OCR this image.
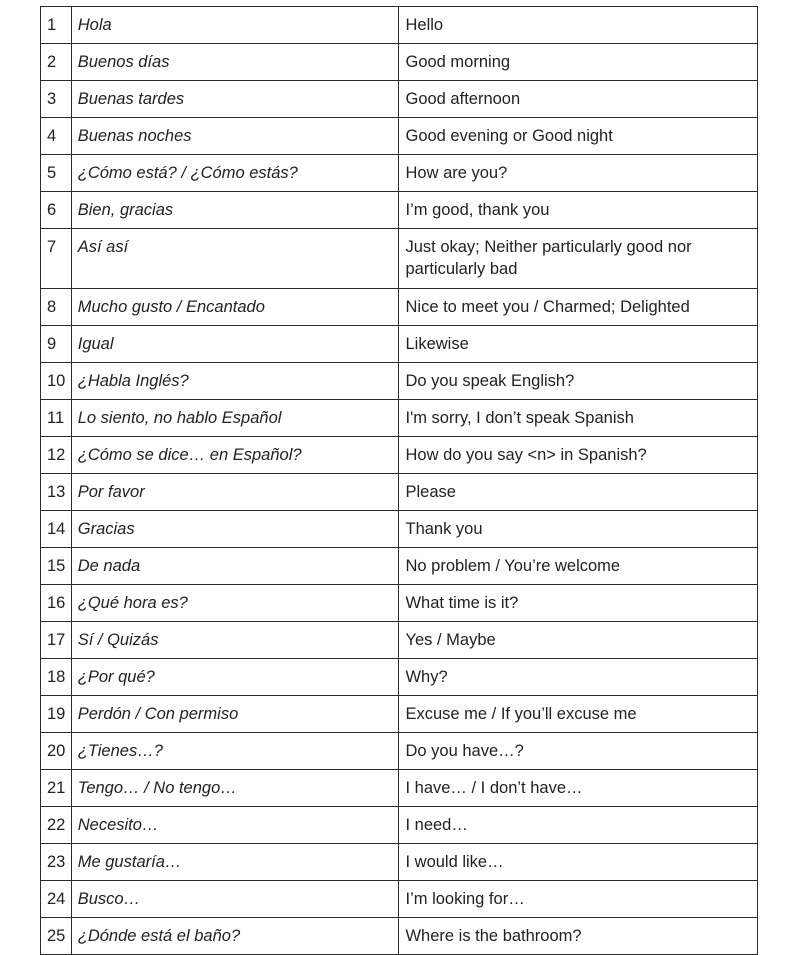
1	Hola	Hello
2	Buenos días	Good morning
3	Buenas tardes	Good afternoon
4	Buenas noches	Good evening or Good night
5	¿Cómo está? / ¿Cómo estás?	How are you?
6	Bien, gracias	I’m good, thank you
7	Así así	Just okay; Neither particularly good nor particularly bad
8	Mucho gusto / Encantado	Nice to meet you / Charmed; Delighted
9	Igual	Likewise
10	¿Habla Inglés?	Do you speak English?
11	Lo siento, no hablo Español	I'm sorry, I don’t speak Spanish
12	¿Cómo se dice… en Español?	How do you say <n> in Spanish?
13	Por favor	Please
14	Gracias	Thank you
15	De nada	No problem / You’re welcome
16	¿Qué hora es?	What time is it?
17	Sí / Quizás	Yes / Maybe
18	¿Por qué?	Why?
19	Perdón / Con permiso	Excuse me / If you’ll excuse me
20	¿Tienes…?	Do you have…?
21	Tengo… / No tengo…	I have… / I don’t have…
22	Necesito…	I need…
23	Me gustaría…	I would like…
24	Busco…	I’m looking for…
25	¿Dónde está el baño?	Where is the bathroom?
